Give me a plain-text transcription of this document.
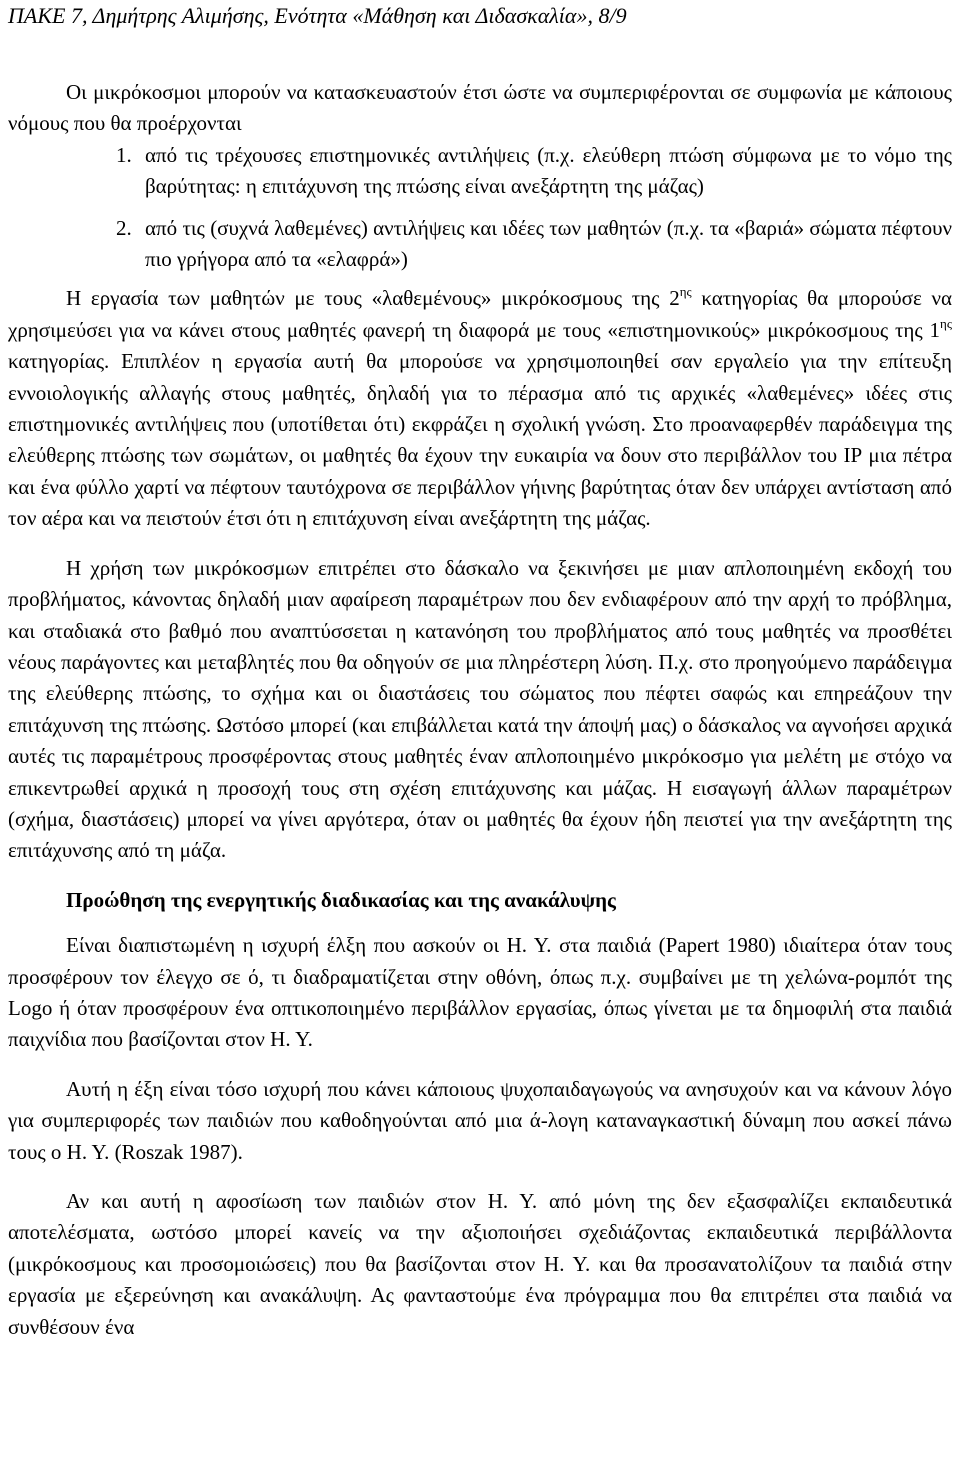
ΠΑΚΕ 7, Δημήτρης Αλιμήσης, Ενότητα «Μάθηση και Διδασκαλία», 8/9

Οι μικρόκοσμοι μπορούν να κατασκευαστούν έτσι ώστε να συμπεριφέρονται σε συμφωνία με κάποιους νόμους που θα προέρχονται

1. από τις τρέχουσες επιστημονικές αντιλήψεις (π.χ. ελεύθερη πτώση σύμφωνα με το νόμο της βαρύτητας: η επιτάχυνση της πτώσης είναι ανεξάρτητη της μάζας)
2. από τις (συχνά λαθεμένες) αντιλήψεις και ιδέες των μαθητών (π.χ. τα «βαριά» σώματα πέφτουν πιο γρήγορα από τα «ελαφρά»)

Η εργασία των μαθητών με τους «λαθεμένους» μικρόκοσμους της $2^{\eta\varsigma}$ κατηγορίας θα μπορούσε να χρησιμεύσει για να κάνει στους μαθητές φανερή τη διαφορά με τους «επιστημονικούς» μικρόκοσμους της $1^{\eta\varsigma}$ κατηγορίας. Επιπλέον η εργασία αυτή θα μπορούσε να χρησιμοποιηθεί σαν εργαλείο για την επίτευξη εννοιολογικής αλλαγής στους μαθητές, δηλαδή για το πέρασμα από τις αρχικές «λαθεμένες» ιδέες στις επιστημονικές αντιλήψεις που (υποτίθεται ότι) εκφράζει η σχολική γνώση. Στο προαναφερθέν παράδειγμα της ελεύθερης πτώσης των σωμάτων, οι μαθητές θα έχουν την ευκαιρία να δουν στο περιβάλλον του ΙΡ μια πέτρα και ένα φύλλο χαρτί να πέφτουν ταυτόχρονα σε περιβάλλον γήινης βαρύτητας όταν δεν υπάρχει αντίσταση από τον αέρα και να πειστούν έτσι ότι η επιτάχυνση είναι ανεξάρτητη της μάζας.

Η χρήση των μικρόκοσμων επιτρέπει στο δάσκαλο να ξεκινήσει με μιαν απλοποιημένη εκδοχή του προβλήματος, κάνοντας δηλαδή μιαν αφαίρεση παραμέτρων που δεν ενδιαφέρουν από την αρχή το πρόβλημα, και σταδιακά στο βαθμό που αναπτύσσεται η κατανόηση του προβλήματος από τους μαθητές να προσθέτει νέους παράγοντες και μεταβλητές που θα οδηγούν σε μια πληρέστερη λύση. Π.χ. στο προηγούμενο παράδειγμα της ελεύθερης πτώσης, το σχήμα και οι διαστάσεις του σώματος που πέφτει σαφώς και επηρεάζουν την επιτάχυνση της πτώσης. Ωστόσο μπορεί (και επιβάλλεται κατά την άποψή μας) ο δάσκαλος να αγνοήσει αρχικά αυτές τις παραμέτρους προσφέροντας στους μαθητές έναν απλοποιημένο μικρόκοσμο για μελέτη με στόχο να επικεντρωθεί αρχικά η προσοχή τους στη σχέση επιτάχυνσης και μάζας. Η εισαγωγή άλλων παραμέτρων (σχήμα, διαστάσεις) μπορεί να γίνει αργότερα, όταν οι μαθητές θα έχουν ήδη πειστεί για την ανεξάρτητη της επιτάχυνσης από τη μάζα.

Προώθηση της ενεργητικής διαδικασίας και της ανακάλυψης

Είναι διαπιστωμένη η ισχυρή έλξη που ασκούν οι Η. Υ. στα παιδιά (Papert 1980) ιδιαίτερα όταν τους προσφέρουν τον έλεγχο σε ό, τι διαδραματίζεται στην οθόνη, όπως π.χ. συμβαίνει με τη χελώνα-ρομπότ της Logo ή όταν προσφέρουν ένα οπτικοποιημένο περιβάλλον εργασίας, όπως γίνεται με τα δημοφιλή στα παιδιά παιχνίδια που βασίζονται στον Η. Υ.

Αυτή η έξη είναι τόσο ισχυρή που κάνει κάποιους ψυχοπαιδαγωγούς να ανησυχούν και να κάνουν λόγο για συμπεριφορές των παιδιών που καθοδηγούνται από μια ά-λογη καταναγκαστική δύναμη που ασκεί πάνω τους ο Η. Υ. (Roszak 1987).

Αν και αυτή η αφοσίωση των παιδιών στον Η. Υ. από μόνη της δεν εξασφαλίζει εκπαιδευτικά αποτελέσματα, ωστόσο μπορεί κανείς να την αξιοποιήσει σχεδιάζοντας εκπαιδευτικά περιβάλλοντα (μικρόκοσμους και προσομοιώσεις) που θα βασίζονται στον Η. Υ. και θα προσανατολίζουν τα παιδιά στην εργασία με εξερεύνηση και ανακάλυψη. Ας φανταστούμε ένα πρόγραμμα που θα επιτρέπει στα παιδιά να συνθέσουν ένα
